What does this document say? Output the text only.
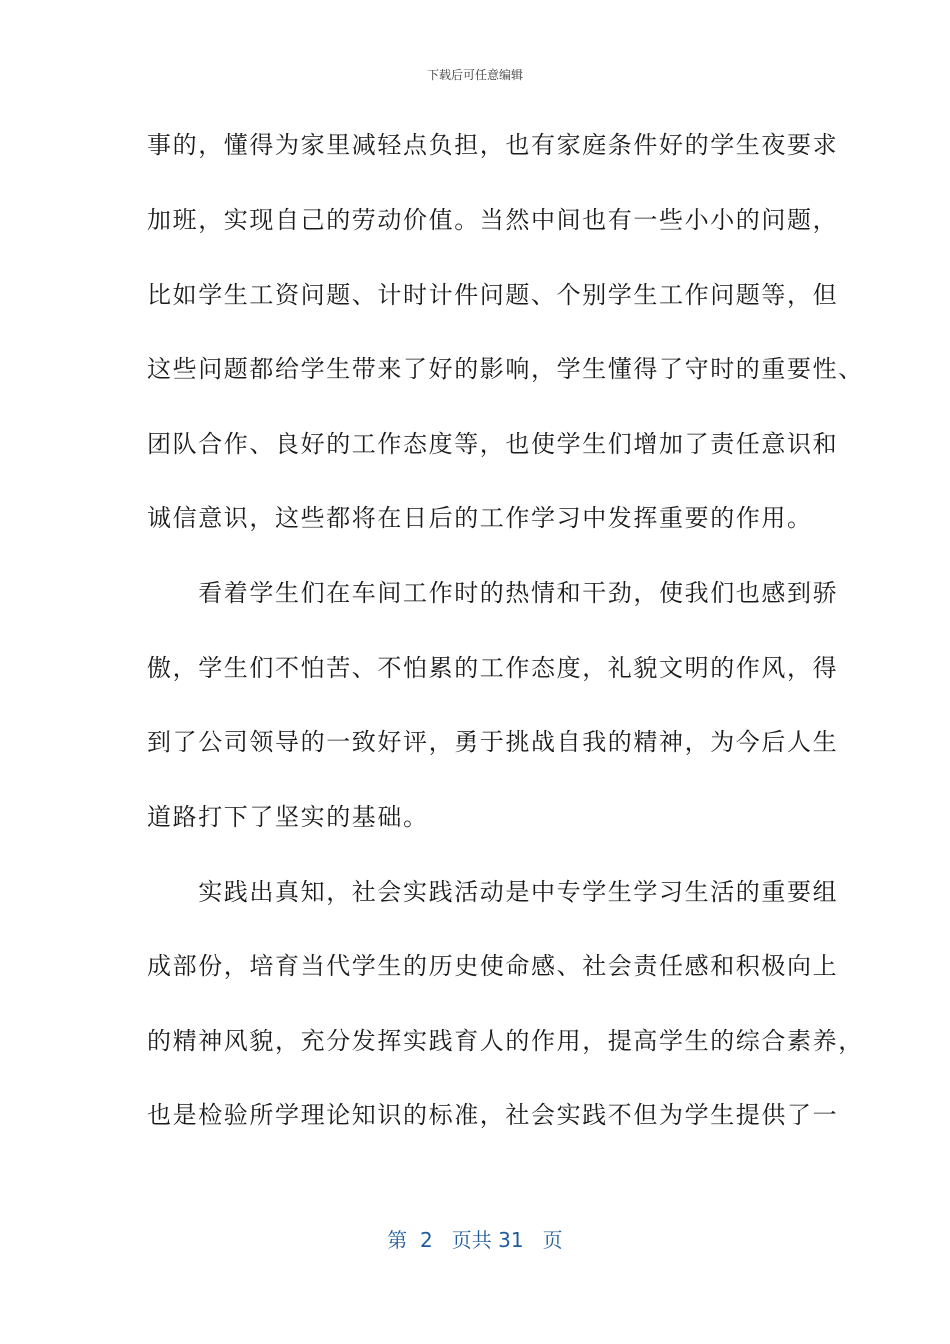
下载后可任意编辑
事的，懂得为家里减轻点负担，也有家庭条件好的学生夜要求
加班，实现自己的劳动价值。当然中间也有一些小小的问题，
比如学生工资问题、计时计件问题、个别学生工作问题等，但
这些问题都给学生带来了好的影响，学生懂得了守时的重要性、
团队合作、良好的工作态度等，也使学生们增加了责任意识和
诚信意识，这些都将在日后的工作学习中发挥重要的作用。
　　看着学生们在车间工作时的热情和干劲，使我们也感到骄
傲，学生们不怕苦、不怕累的工作态度，礼貌文明的作风，得
到了公司领导的一致好评，勇于挑战自我的精神，为今后人生
道路打下了坚实的基础。
　　实践出真知，社会实践活动是中专学生学习生活的重要组
成部份，培育当代学生的历史使命感、社会责任感和积极向上
的精神风貌，充分发挥实践育人的作用，提高学生的综合素养，
也是检验所学理论知识的标准，社会实践不但为学生提供了一
第  2   页共 31   页
